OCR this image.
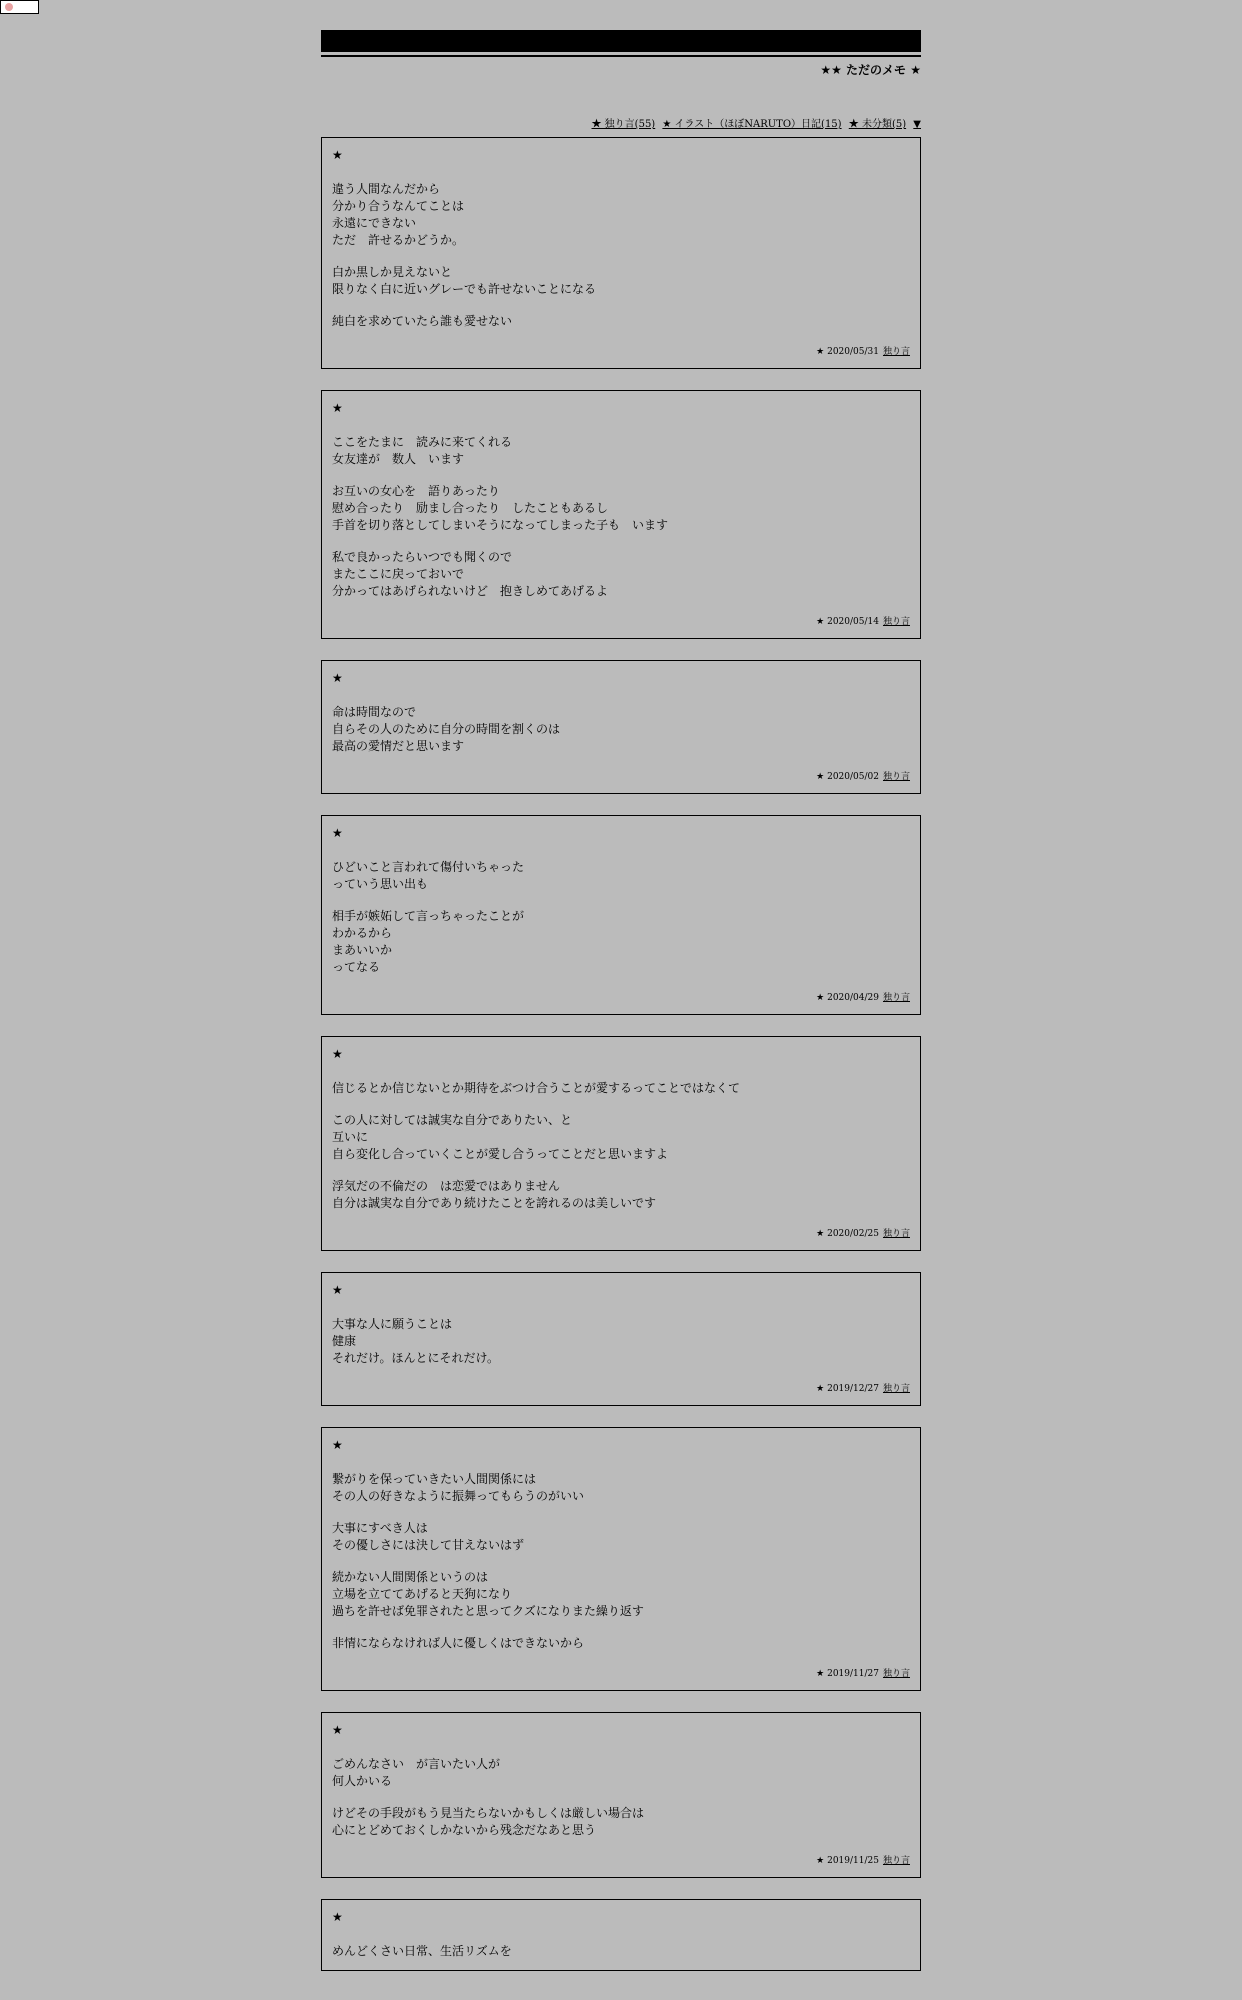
★★ ただのメモ ★
★ 独り言(55) ★ イラスト（ほぼNARUTO）日記(15) ★ 未分類(5) ▼
★
違う人間なんだから
分かり合うなんてことは
永遠にできない
ただ　許せるかどうか。
白か黒しか見えないと
限りなく白に近いグレーでも許せないことになる
純白を求めていたら誰も愛せない
★ 2020/05/31 独り言
★
ここをたまに　読みに来てくれる
女友達が　数人　います
お互いの女心を　語りあったり
慰め合ったり　励まし合ったり　したこともあるし
手首を切り落としてしまいそうになってしまった子も　います
私で良かったらいつでも聞くので
またここに戻っておいで
分かってはあげられないけど　抱きしめてあげるよ
★ 2020/05/14 独り言
★
命は時間なので
自らその人のために自分の時間を割くのは
最高の愛情だと思います
★ 2020/05/02 独り言
★
ひどいこと言われて傷付いちゃった
っていう思い出も
相手が嫉妬して言っちゃったことが
わかるから
まあいいか
ってなる
★ 2020/04/29 独り言
★
信じるとか信じないとか期待をぶつけ合うことが愛するってことではなくて
この人に対しては誠実な自分でありたい、と
互いに
自ら変化し合っていくことが愛し合うってことだと思いますよ
浮気だの不倫だの　は恋愛ではありません
自分は誠実な自分であり続けたことを誇れるのは美しいです
★ 2020/02/25 独り言
★
大事な人に願うことは
健康
それだけ。ほんとにそれだけ。
★ 2019/12/27 独り言
★
繋がりを保っていきたい人間関係には
その人の好きなように振舞ってもらうのがいい
大事にすべき人は
その優しさには決して甘えないはず
続かない人間関係というのは
立場を立ててあげると天狗になり
過ちを許せば免罪されたと思ってクズになりまた繰り返す
非情にならなければ人に優しくはできないから
★ 2019/11/27 独り言
★
ごめんなさい　が言いたい人が
何人かいる
けどその手段がもう見当たらないかもしくは厳しい場合は
心にとどめておくしかないから残念だなあと思う
★ 2019/11/25 独り言
★
めんどくさい日常、生活リズムを
